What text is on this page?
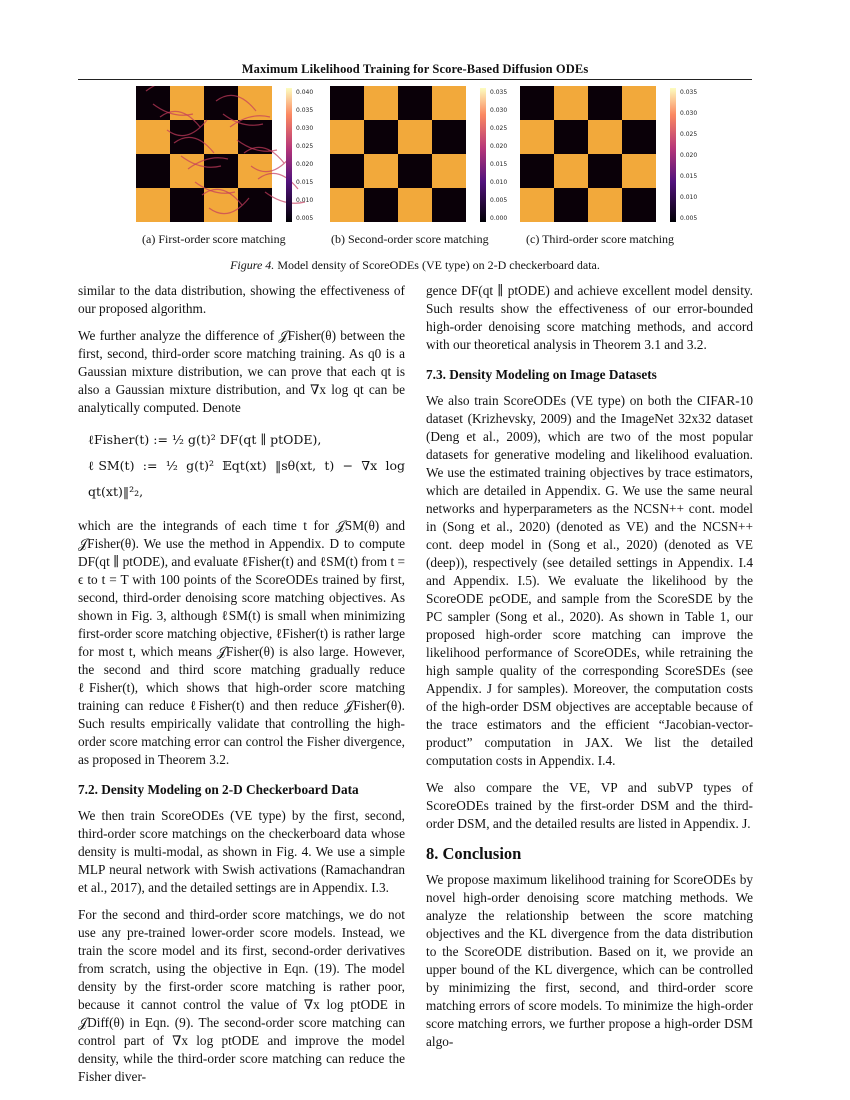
Maximum Likelihood Training for Score-Based Diffusion ODEs
0.040
0.035
0.030
0.025
0.020
0.015
0.010
0.005
0.035
0.030
0.025
0.020
0.015
0.010
0.005
0.000
0.035
0.030
0.025
0.020
0.015
0.010
0.005
(a) First-order score matching	(b) Second-order score matching	(c) Third-order score matching
Figure 4. Model density of ScoreODEs (VE type) on 2-D checkerboard data.

similar to the data distribution, showing the effectiveness of our proposed algorithm.

We further analyze the difference of 𝒥Fisher(θ) between the first, second, third-order score matching training. As q0 is a Gaussian mixture distribution, we can prove that each qt is also a Gaussian mixture distribution, and ∇x log qt can be analytically computed. Denote

ℓFisher(t) := ½ g(t)² DF(qt ∥ ptODE),
ℓSM(t) := ½ g(t)² 𝔼qt(xt) ‖sθ(xt, t) − ∇x log qt(xt)‖²₂,

which are the integrands of each time t for 𝒥SM(θ) and 𝒥Fisher(θ). We use the method in Appendix. D to compute DF(qt ∥ ptODE), and evaluate ℓFisher(t) and ℓSM(t) from t = ϵ to t = T with 100 points of the ScoreODEs trained by first, second, third-order denoising score matching objectives. As shown in Fig. 3, although ℓSM(t) is small when minimizing first-order score matching objective, ℓFisher(t) is rather large for most t, which means 𝒥Fisher(θ) is also large. However, the second and third score matching gradually reduce ℓFisher(t), which shows that high-order score matching training can reduce ℓFisher(t) and then reduce 𝒥Fisher(θ). Such results empirically validate that controlling the high-order score matching error can control the Fisher divergence, as proposed in Theorem 3.2.

7.2. Density Modeling on 2-D Checkerboard Data

We then train ScoreODEs (VE type) by the first, second, third-order score matchings on the checkerboard data whose density is multi-modal, as shown in Fig. 4. We use a simple MLP neural network with Swish activations (Ramachandran et al., 2017), and the detailed settings are in Appendix. I.3.

For the second and third-order score matchings, we do not use any pre-trained lower-order score models. Instead, we train the score model and its first, second-order derivatives from scratch, using the objective in Eqn. (19). The model density by the first-order score matching is rather poor, because it cannot control the value of ∇x log ptODE in 𝒥Diff(θ) in Eqn. (9). The second-order score matching can control part of ∇x log ptODE and improve the model density, while the third-order score matching can reduce the Fisher diver-

gence DF(qt ∥ ptODE) and achieve excellent model density. Such results show the effectiveness of our error-bounded high-order denoising score matching methods, and accord with our theoretical analysis in Theorem 3.1 and 3.2.

7.3. Density Modeling on Image Datasets

We also train ScoreODEs (VE type) on both the CIFAR-10 dataset (Krizhevsky, 2009) and the ImageNet 32x32 dataset (Deng et al., 2009), which are two of the most popular datasets for generative modeling and likelihood evaluation. We use the estimated training objectives by trace estimators, which are detailed in Appendix. G. We use the same neural networks and hyperparameters as the NCSN++ cont. model in (Song et al., 2020) (denoted as VE) and the NCSN++ cont. deep model in (Song et al., 2020) (denoted as VE (deep)), respectively (see detailed settings in Appendix. I.4 and Appendix. I.5). We evaluate the likelihood by the ScoreODE pϵODE, and sample from the ScoreSDE by the PC sampler (Song et al., 2020). As shown in Table 1, our proposed high-order score matching can improve the likelihood performance of ScoreODEs, while retraining the high sample quality of the corresponding ScoreSDEs (see Appendix. J for samples). Moreover, the computation costs of the high-order DSM objectives are acceptable because of the trace estimators and the efficient “Jacobian-vector-product” computation in JAX. We list the detailed computation costs in Appendix. I.4.

We also compare the VE, VP and subVP types of ScoreODEs trained by the first-order DSM and the third-order DSM, and the detailed results are listed in Appendix. J.

8. Conclusion

We propose maximum likelihood training for ScoreODEs by novel high-order denoising score matching methods. We analyze the relationship between the score matching objectives and the KL divergence from the data distribution to the ScoreODE distribution. Based on it, we provide an upper bound of the KL divergence, which can be controlled by minimizing the first, second, and third-order score matching errors of score models. To minimize the high-order score matching errors, we further propose a high-order DSM algo-
